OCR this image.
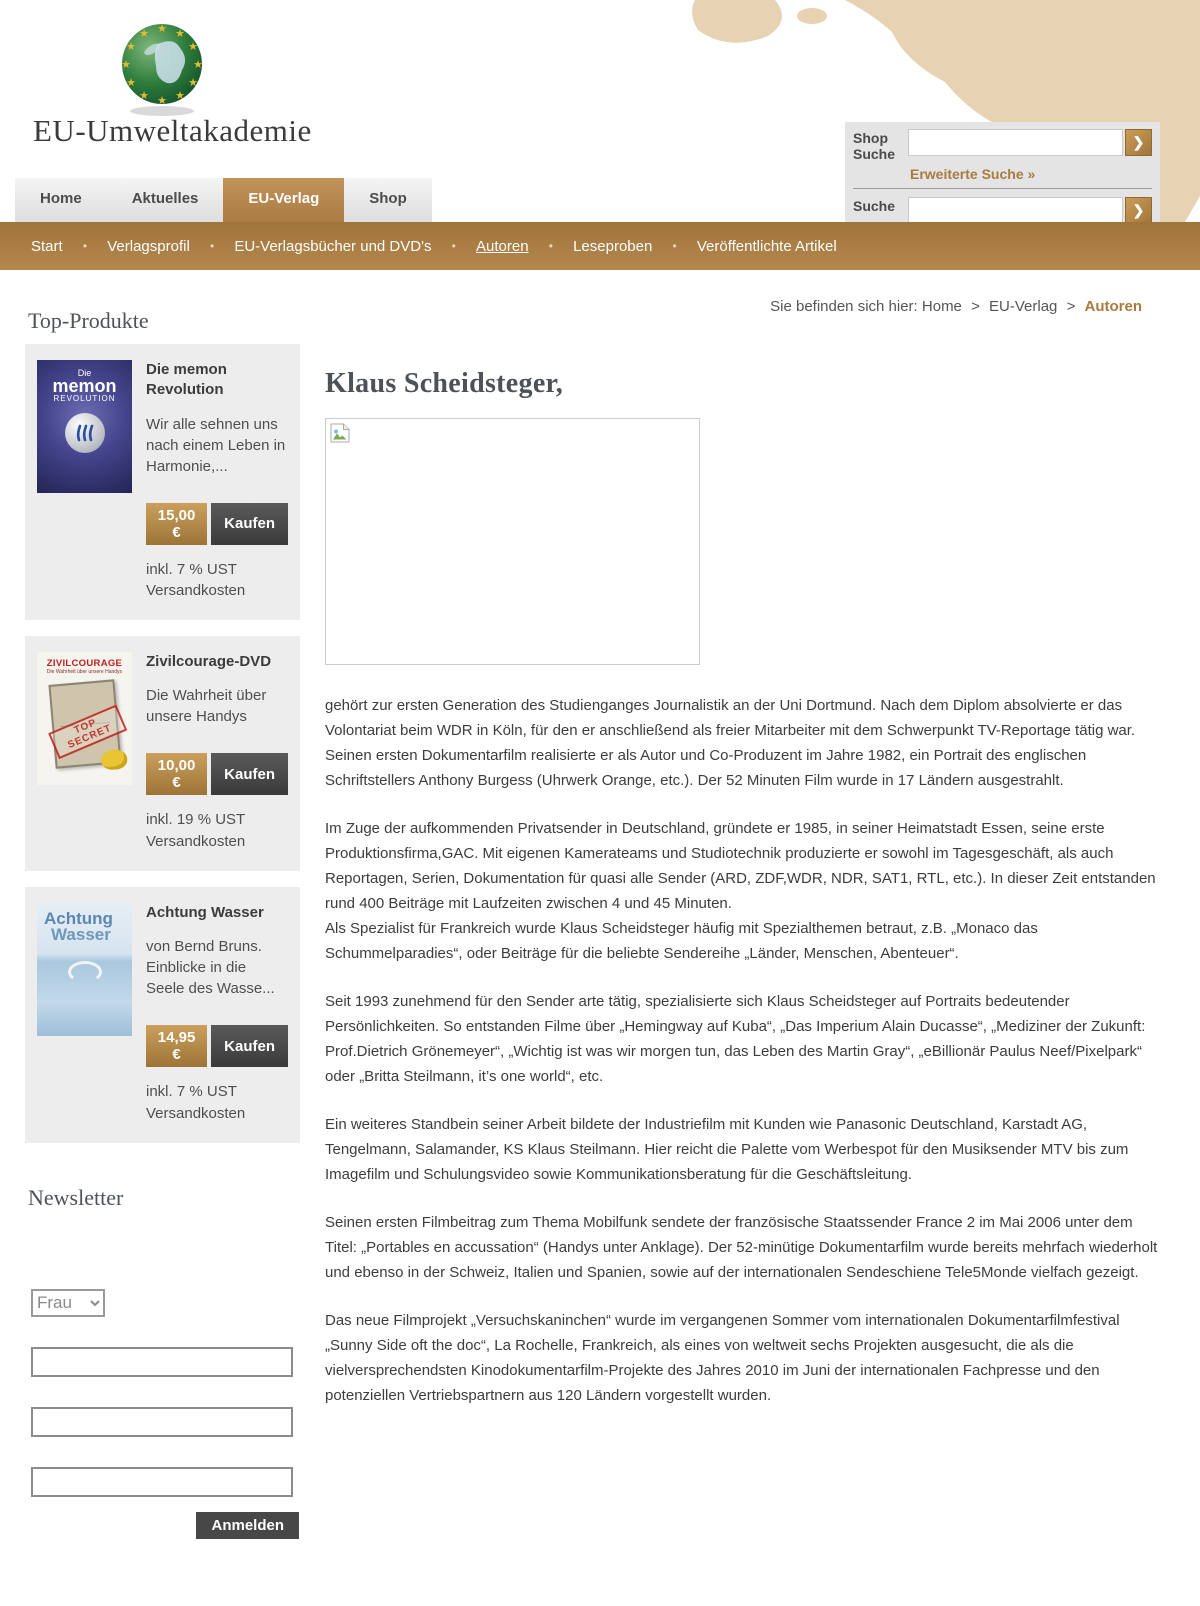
★
★
★
★
★
★
★
★
★ ★ ★
★
EU-Umweltakademie	Shop
Suche
❯
Erweiterte Suche »
Suche	❯
Home	Aktuelles	EU-Verlag	Shop
Start • Verlagsprofil • EU-Verlagsbücher und DVD's • Autoren • Leseproben • Veröffentlichte Artikel
Sie befinden sich hier: Home > EU-Verlag > Autoren
Top-Produkte
Die
memon
REVOLUTION
Die memon Revolution
Wir alle sehnen uns nach einem Leben in Harmonie,...
15,00 €	Kaufen
inkl. 7 % UST
Versandkosten
ZIVILCOURAGE
Die Wahrheit über unsere Handys
TOP SECRET
Zivilcourage-DVD
Die Wahrheit über unsere Handys
10,00 €	Kaufen
inkl. 19 % UST
Versandkosten
Achtung
Wasser
Achtung Wasser
von Bernd Bruns. Einblicke in die Seele des Wasse...
14,95 €	Kaufen
inkl. 7 % UST
Versandkosten
Newsletter
Frau
Anmelden
Klaus Scheidsteger,

gehört zur ersten Generation des Studienganges Journalistik an der Uni Dortmund. Nach dem Diplom absolvierte er das Volontariat beim WDR in Köln, für den er anschließend als freier Mitarbeiter mit dem Schwerpunkt TV-Reportage tätig war.
Seinen ersten Dokumentarfilm realisierte er als Autor und Co-Produzent im Jahre 1982, ein Portrait des englischen Schriftstellers Anthony Burgess (Uhrwerk Orange, etc.). Der 52 Minuten Film wurde in 17 Ländern ausgestrahlt.

Im Zuge der aufkommenden Privatsender in Deutschland, gründete er 1985, in seiner Heimatstadt Essen, seine erste Produktionsfirma,GAC. Mit eigenen Kamerateams und Studiotechnik produzierte er sowohl im Tagesgeschäft, als auch Reportagen, Serien, Dokumentation für quasi alle Sender (ARD, ZDF,WDR, NDR, SAT1, RTL, etc.). In dieser Zeit entstanden rund 400 Beiträge mit Laufzeiten zwischen 4 und 45 Minuten.
Als Spezialist für Frankreich wurde Klaus Scheidsteger häufig mit Spezialthemen betraut, z.B. „Monaco das Schummelparadies“, oder Beiträge für die beliebte Sendereihe „Länder, Menschen, Abenteuer“.

Seit 1993 zunehmend für den Sender arte tätig, spezialisierte sich Klaus Scheidsteger auf Portraits bedeutender Persönlichkeiten. So entstanden Filme über „Hemingway auf Kuba“, „Das Imperium Alain Ducasse“, „Mediziner der Zukunft: Prof.Dietrich Grönemeyer“, „Wichtig ist was wir morgen tun, das Leben des Martin Gray“, „eBillionär Paulus Neef/Pixelpark“ oder „Britta Steilmann, it’s one world“, etc.

Ein weiteres Standbein seiner Arbeit bildete der Industriefilm mit Kunden wie Panasonic Deutschland, Karstadt AG, Tengelmann, Salamander, KS Klaus Steilmann. Hier reicht die Palette vom Werbespot für den Musiksender MTV bis zum Imagefilm und Schulungsvideo sowie Kommunikationsberatung für die Geschäftsleitung.

Seinen ersten Filmbeitrag zum Thema Mobilfunk sendete der französische Staatssender France 2 im Mai 2006 unter dem Titel: „Portables en accussation“ (Handys unter Anklage). Der 52-minütige Dokumentarfilm wurde bereits mehrfach wiederholt und ebenso in der Schweiz, Italien und Spanien, sowie auf der internationalen Sendeschiene Tele5Monde vielfach gezeigt.

Das neue Filmprojekt „Versuchskaninchen“ wurde im vergangenen Sommer vom internationalen Dokumentarfilmfestival „Sunny Side oft the doc“, La Rochelle, Frankreich, als eines von weltweit sechs Projekten ausgesucht, die als die vielversprechendsten Kinodokumentarfilm-Projekte des Jahres 2010 im Juni der internationalen Fachpresse und den potenziellen Vertriebspartnern aus 120 Ländern vorgestellt wurden.
